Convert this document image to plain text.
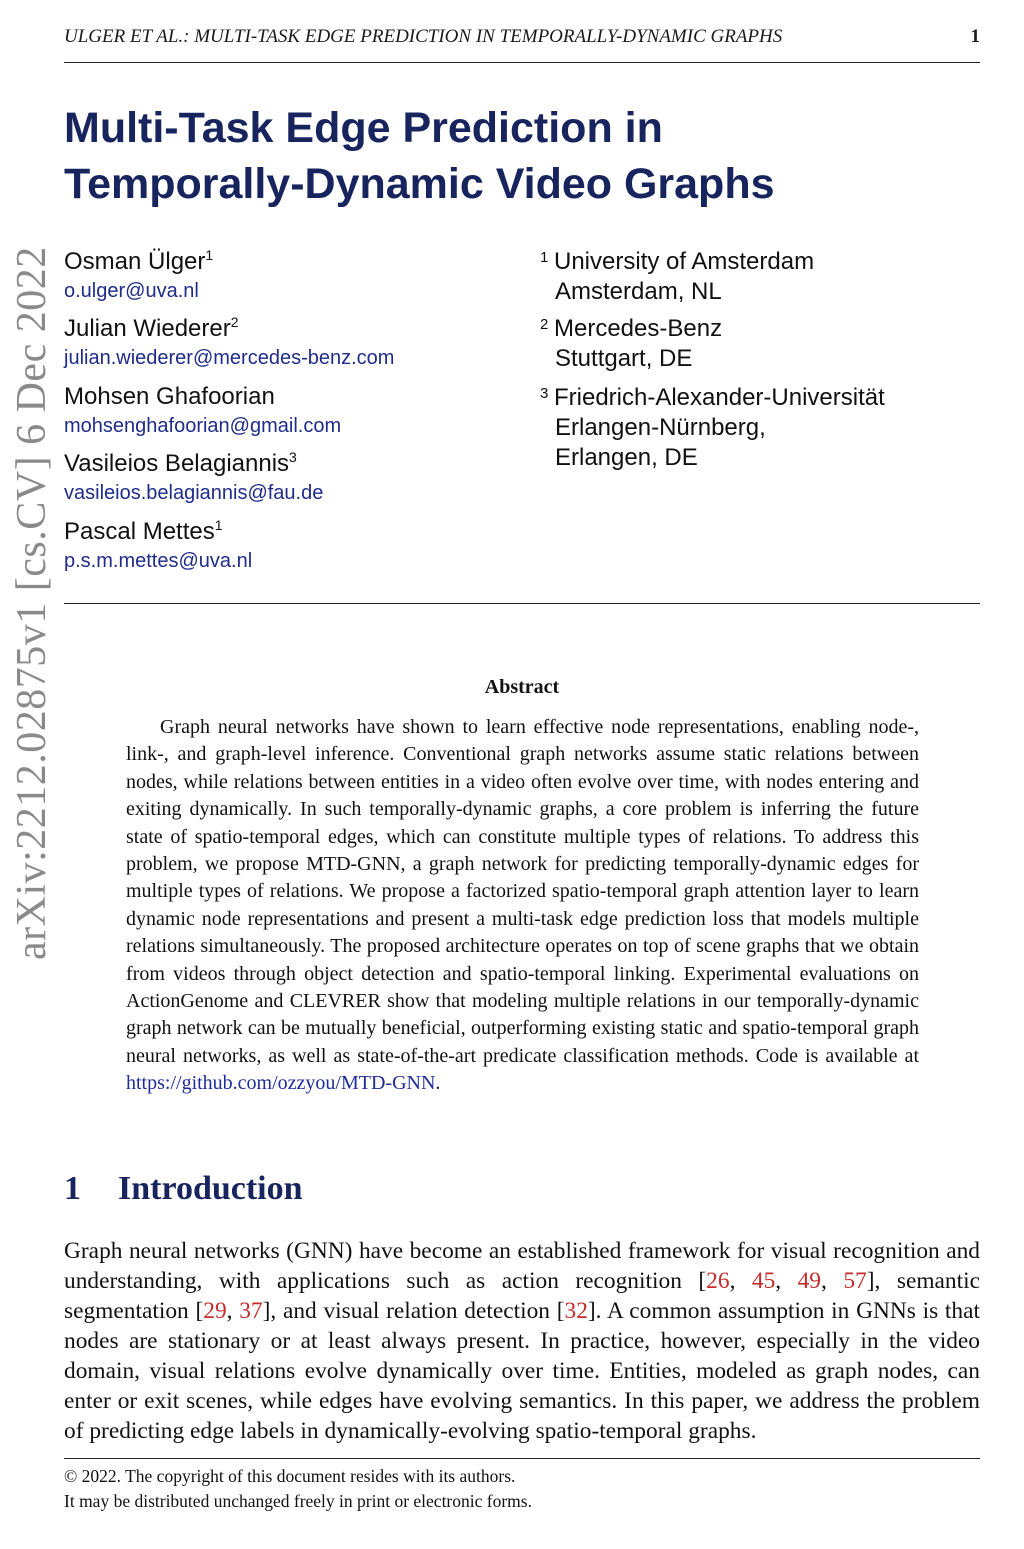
ULGER ET AL.: MULTI-TASK EDGE PREDICTION IN TEMPORALLY-DYNAMIC GRAPHS	1
arXiv:2212.02875v1 [cs.CV] 6 Dec 2022
Multi-Task Edge Prediction in
Temporally-Dynamic Video Graphs
Osman Ülger$^1$
o.ulger@uva.nl
Julian Wiederer$^2$
julian.wiederer@mercedes-benz.com
Mohsen Ghafoorian
mohsenghafoorian@gmail.com
Vasileios Belagiannis$^3$
vasileios.belagiannis@fau.de
Pascal Mettes$^1$
p.s.m.mettes@uva.nl
1 University of Amsterdam
Amsterdam, NL
2 Mercedes-Benz
Stuttgart, DE
3 Friedrich-Alexander-Universität
Erlangen-Nürnberg,
Erlangen, DE
Abstract
Graph neural networks have shown to learn effective node representations, enabling node-, link-, and graph-level inference. Conventional graph networks assume static relations between nodes, while relations between entities in a video often evolve over time, with nodes entering and exiting dynamically. In such temporally-dynamic graphs, a core problem is inferring the future state of spatio-temporal edges, which can constitute multiple types of relations. To address this problem, we propose MTD-GNN, a graph network for predicting temporally-dynamic edges for multiple types of relations. We propose a factorized spatio-temporal graph attention layer to learn dynamic node representations and present a multi-task edge prediction loss that models multiple relations simultaneously. The proposed architecture operates on top of scene graphs that we obtain from videos through object detection and spatio-temporal linking. Experimental evaluations on ActionGenome and CLEVRER show that modeling multiple relations in our temporally-dynamic graph network can be mutually beneficial, outperforming existing static and spatio-temporal graph neural networks, as well as state-of-the-art predicate classification methods. Code is available at https://github.com/ozzyou/MTD-GNN.
1 Introduction
Graph neural networks (GNN) have become an established framework for visual recognition and understanding, with applications such as action recognition [26, 45, 49, 57], semantic segmentation [29, 37], and visual relation detection [32]. A common assumption in GNNs is that nodes are stationary or at least always present. In practice, however, especially in the video domain, visual relations evolve dynamically over time. Entities, modeled as graph nodes, can enter or exit scenes, while edges have evolving semantics. In this paper, we address the problem of predicting edge labels in dynamically-evolving spatio-temporal graphs.
© 2022. The copyright of this document resides with its authors.
It may be distributed unchanged freely in print or electronic forms.
